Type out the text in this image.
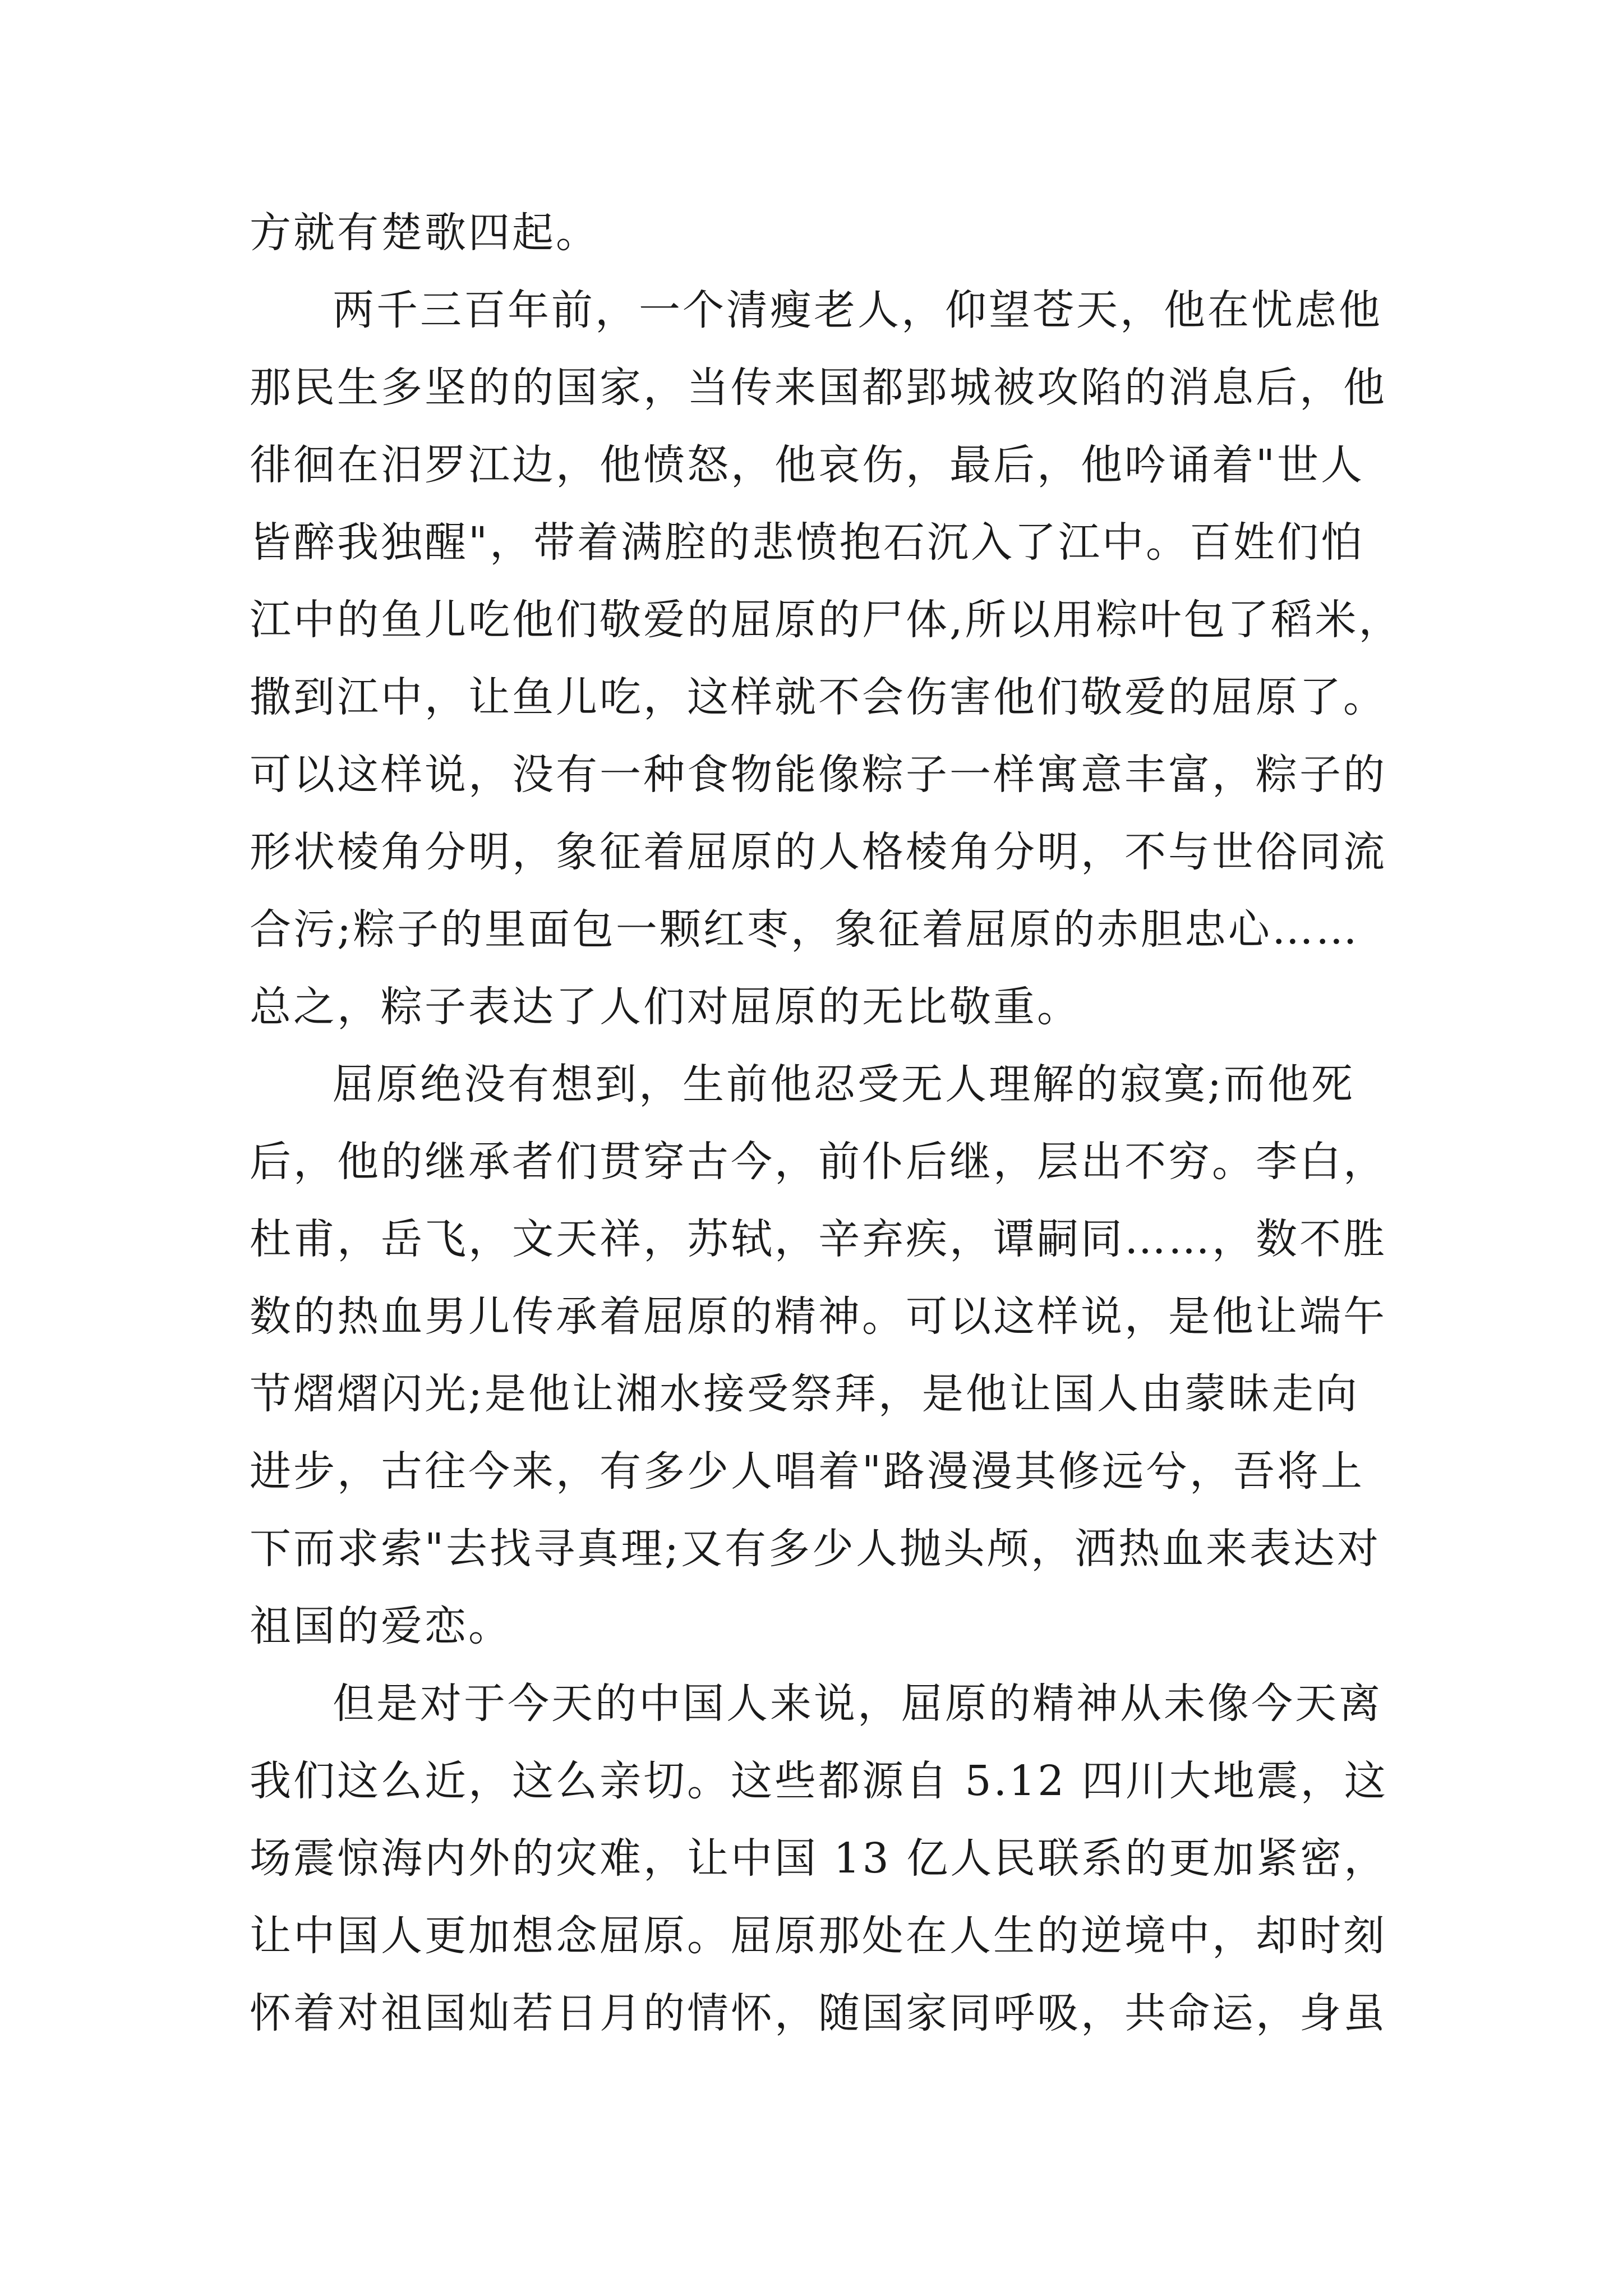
方就有楚歌四起。
两千三百年前，一个清瘦老人，仰望苍天，他在忧虑他
那民生多坚的的国家，当传来国都郢城被攻陷的消息后，他
徘徊在汨罗江边，他愤怒，他哀伤，最后，他吟诵着"世人
皆醉我独醒"，带着满腔的悲愤抱石沉入了江中。百姓们怕
江中的鱼儿吃他们敬爱的屈原的尸体,所以用粽叶包了稻米，
撒到江中，让鱼儿吃，这样就不会伤害他们敬爱的屈原了。
可以这样说，没有一种食物能像粽子一样寓意丰富，粽子的
形状棱角分明，象征着屈原的人格棱角分明，不与世俗同流
合污;粽子的里面包一颗红枣，象征着屈原的赤胆忠心……
总之，粽子表达了人们对屈原的无比敬重。
屈原绝没有想到，生前他忍受无人理解的寂寞;而他死
后，他的继承者们贯穿古今，前仆后继，层出不穷。李白，
杜甫，岳飞，文天祥，苏轼，辛弃疾，谭嗣同……，数不胜
数的热血男儿传承着屈原的精神。可以这样说，是他让端午
节熠熠闪光;是他让湘水接受祭拜，是他让国人由蒙昧走向
进步，古往今来，有多少人唱着"路漫漫其修远兮，吾将上
下而求索"去找寻真理;又有多少人抛头颅，洒热血来表达对
祖国的爱恋。
但是对于今天的中国人来说，屈原的精神从未像今天离
我们这么近，这么亲切。这些都源自 5.12 四川大地震，这
场震惊海内外的灾难，让中国 13 亿人民联系的更加紧密，
让中国人更加想念屈原。屈原那处在人生的逆境中，却时刻
怀着对祖国灿若日月的情怀，随国家同呼吸，共命运，身虽
